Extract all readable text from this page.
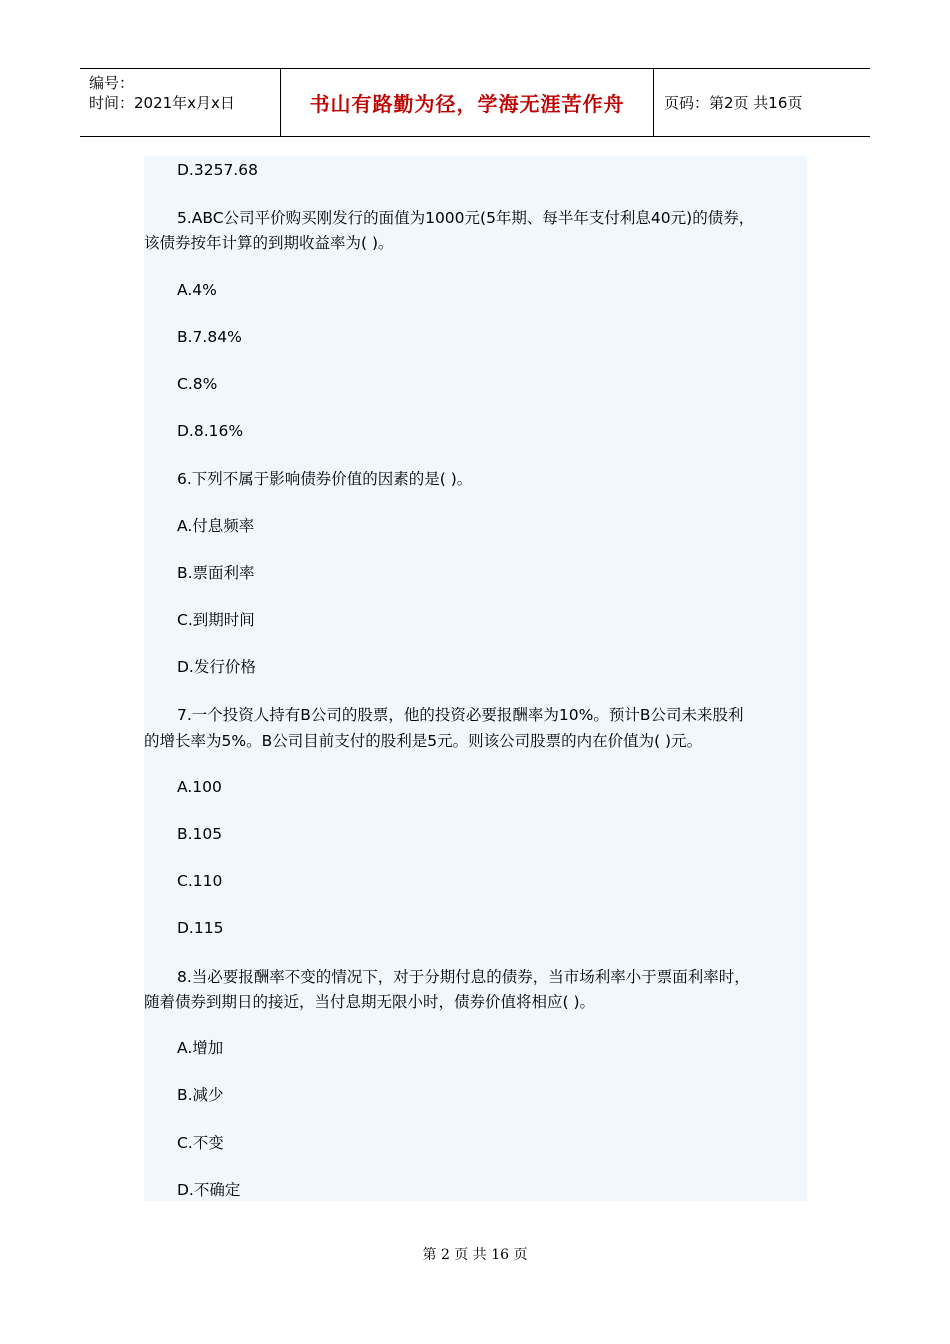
编号：
时间：2021年x月x日	书山有路勤为径，学海无涯苦作舟	页码：第2页 共16页
D.3257.68
5.ABC公司平价购买刚发行的面值为1000元(5年期、每半年支付利息40元)的债券，
该债券按年计算的到期收益率为( )。
A.4%
B.7.84%
C.8%
D.8.16%
6.下列不属于影响债券价值的因素的是( )。
A.付息频率
B.票面利率
C.到期时间
D.发行价格
7.一个投资人持有B公司的股票，他的投资必要报酬率为10%。预计B公司未来股利
的增长率为5%。B公司目前支付的股利是5元。则该公司股票的内在价值为( )元。
A.100
B.105
C.110
D.115
8.当必要报酬率不变的情况下，对于分期付息的债券，当市场利率小于票面利率时，
随着债券到期日的接近，当付息期无限小时，债券价值将相应( )。
A.增加
B.减少
C.不变
D.不确定
第 2 页 共 16 页
